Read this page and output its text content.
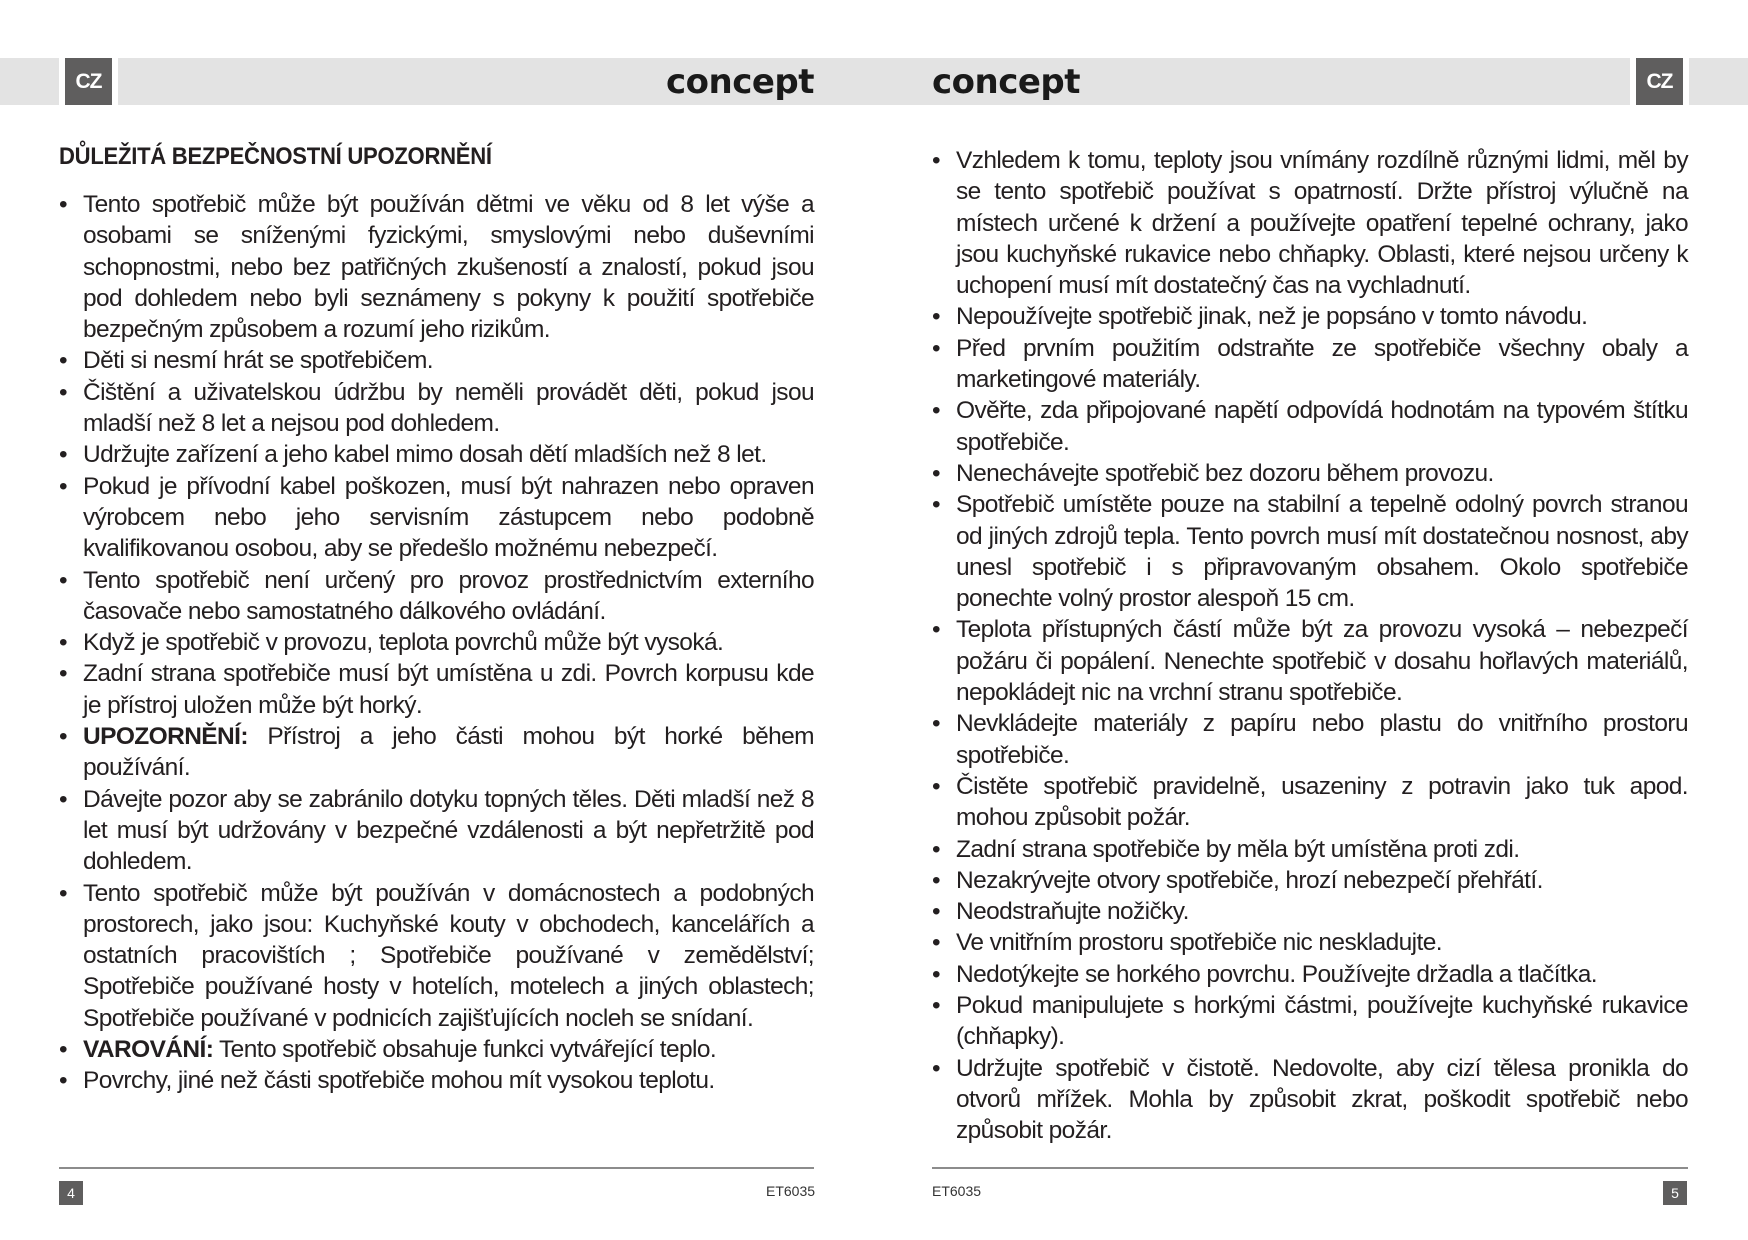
CZ	concept	concept	CZ
DŮLEŽITÁ BEZPEČNOSTNÍ UPOZORNĚNÍ
• Tento spotřebič může být používán dětmi ve věku od 8 let výše a osobami se sníženými fyzickými, smyslovými nebo duševními schopnostmi, nebo bez patřičných zkušeností a znalostí, pokud jsou pod dohledem nebo byli seznámeny s pokyny k použití spotřebiče bezpečným způsobem a rozumí jeho rizikům.
• Děti si nesmí hrát se spotřebičem.
• Čištění a uživatelskou údržbu by neměli provádět děti, pokud jsou mladší než 8 let a nejsou pod dohledem.
• Udržujte zařízení a jeho kabel mimo dosah dětí mladších než 8 let.
• Pokud je přívodní kabel poškozen, musí být nahrazen nebo opraven výrobcem nebo jeho servisním zástupcem nebo podobně kvalifikovanou osobou, aby se předešlo možnému nebezpečí.
• Tento spotřebič není určený pro provoz prostřednictvím externího časovače nebo samostatného dálkového ovládání.
• Když je spotřebič v provozu, teplota povrchů může být vysoká.
• Zadní strana spotřebiče musí být umístěna u zdi. Povrch korpusu kde je přístroj uložen může být horký.
• UPOZORNĚNÍ: Přístroj a jeho části mohou být horké během používání.
• Dávejte pozor aby se zabránilo dotyku topných těles. Děti mladší než 8 let musí být udržovány v bezpečné vzdálenosti a být nepřetržitě pod dohledem.
• Tento spotřebič může být používán v domácnostech a podobných prostorech, jako jsou: Kuchyňské kouty v obchodech, kancelářích a ostatních pracovištích ; Spotřebiče používané v zemědělství; Spotřebiče používané hosty v hotelích, motelech a jiných oblastech; Spotřebiče používané v podnicích zajišťujících nocleh se snídaní.
• VAROVÁNÍ: Tento spotřebič obsahuje funkci vytvářející teplo.
• Povrchy, jiné než části spotřebiče mohou mít vysokou teplotu.
• Vzhledem k tomu, teploty jsou vnímány rozdílně různými lidmi, měl by se tento spotřebič používat s opatrností. Držte přístroj výlučně na místech určené k držení a používejte opatření tepelné ochrany, jako jsou kuchyňské rukavice nebo chňapky. Oblasti, které nejsou určeny k uchopení musí mít dostatečný čas na vychladnutí.
• Nepoužívejte spotřebič jinak, než je popsáno v tomto návodu.
• Před prvním použitím odstraňte ze spotřebiče všechny obaly a marketingové materiály.
• Ověřte, zda připojované napětí odpovídá hodnotám na typovém štítku spotřebiče.
• Nenechávejte spotřebič bez dozoru během provozu.
• Spotřebič umístěte pouze na stabilní a tepelně odolný povrch stranou od jiných zdrojů tepla. Tento povrch musí mít dostatečnou nosnost, aby unesl spotřebič i s připravovaným obsahem. Okolo spotřebiče ponechte volný prostor alespoň 15 cm.
• Teplota přístupných částí může být za provozu vysoká – nebezpečí požáru či popálení. Nenechte spotřebič v dosahu hořlavých materiálů, nepokládejt nic na vrchní stranu spotřebiče.
• Nevkládejte materiály z papíru nebo plastu do vnitřního prostoru spotřebiče.
• Čistěte spotřebič pravidelně, usazeniny z potravin jako tuk apod. mohou způsobit požár.
• Zadní strana spotřebiče by měla být umístěna proti zdi.
• Nezakrývejte otvory spotřebiče, hrozí nebezpečí přehřátí.
• Neodstraňujte nožičky.
• Ve vnitřním prostoru spotřebiče nic neskladujte.
• Nedotýkejte se horkého povrchu. Používejte držadla a tlačítka.
• Pokud manipulujete s horkými částmi, používejte kuchyňské rukavice (chňapky).
• Udržujte spotřebič v čistotě. Nedovolte, aby cizí tělesa pronikla do otvorů mřížek. Mohla by způsobit zkrat, poškodit spotřebič nebo způsobit požár.
4	ET6035	ET6035	5
